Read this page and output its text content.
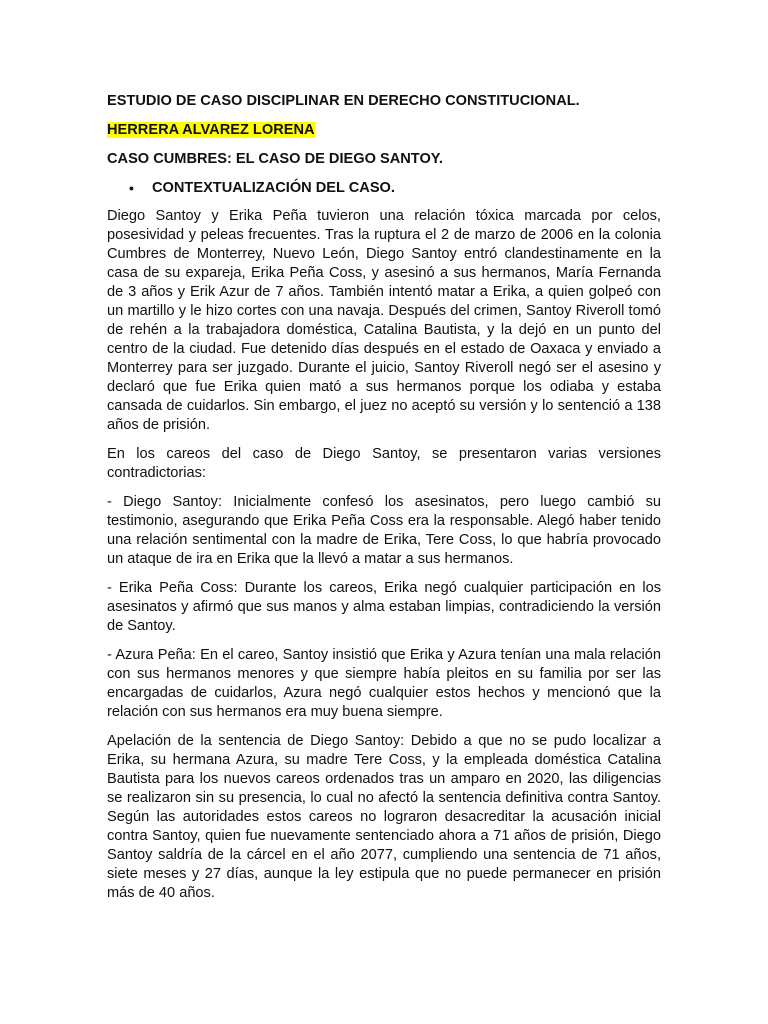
ESTUDIO DE CASO DISCIPLINAR EN DERECHO CONSTITUCIONAL.
HERRERA ALVAREZ LORENA
CASO CUMBRES: EL CASO DE DIEGO SANTOY.
•	CONTEXTUALIZACIÓN DEL CASO.

Diego Santoy y Erika Peña tuvieron una relación tóxica marcada por celos, posesividad y peleas frecuentes. Tras la ruptura el 2 de marzo de 2006 en la colonia Cumbres de Monterrey, Nuevo León, Diego Santoy entró clandestinamente en la casa de su expareja, Erika Peña Coss, y asesinó a sus hermanos, María Fernanda de 3 años y Erik Azur de 7 años. También intentó matar a Erika, a quien golpeó con un martillo y le hizo cortes con una navaja. Después del crimen, Santoy Riveroll tomó de rehén a la trabajadora doméstica, Catalina Bautista, y la dejó en un punto del centro de la ciudad. Fue detenido días después en el estado de Oaxaca y enviado a Monterrey para ser juzgado. Durante el juicio, Santoy Riveroll negó ser el asesino y declaró que fue Erika quien mató a sus hermanos porque los odiaba y estaba cansada de cuidarlos. Sin embargo, el juez no aceptó su versión y lo sentenció a 138 años de prisión.

En los careos del caso de Diego Santoy, se presentaron varias versiones contradictorias:

- Diego Santoy: Inicialmente confesó los asesinatos, pero luego cambió su testimonio, asegurando que Erika Peña Coss era la responsable. Alegó haber tenido una relación sentimental con la madre de Erika, Tere Coss, lo que habría provocado un ataque de ira en Erika que la llevó a matar a sus hermanos.

- Erika Peña Coss: Durante los careos, Erika negó cualquier participación en los asesinatos y afirmó que sus manos y alma estaban limpias, contradiciendo la versión de Santoy.

- Azura Peña: En el careo, Santoy insistió que Erika y Azura tenían una mala relación con sus hermanos menores y que siempre había pleitos en su familia por ser las encargadas de cuidarlos, Azura negó cualquier estos hechos y mencionó que la relación con sus hermanos era muy buena siempre.

Apelación de la sentencia de Diego Santoy: Debido a que no se pudo localizar a Erika, su hermana Azura, su madre Tere Coss, y la empleada doméstica Catalina Bautista para los nuevos careos ordenados tras un amparo en 2020, las diligencias se realizaron sin su presencia, lo cual no afectó la sentencia definitiva contra Santoy. Según las autoridades estos careos no lograron desacreditar la acusación inicial contra Santoy, quien fue nuevamente sentenciado ahora a 71 años de prisión, Diego Santoy saldría de la cárcel en el año 2077, cumpliendo una sentencia de 71 años, siete meses y 27 días, aunque la ley estipula que no puede permanecer en prisión más de 40 años.
